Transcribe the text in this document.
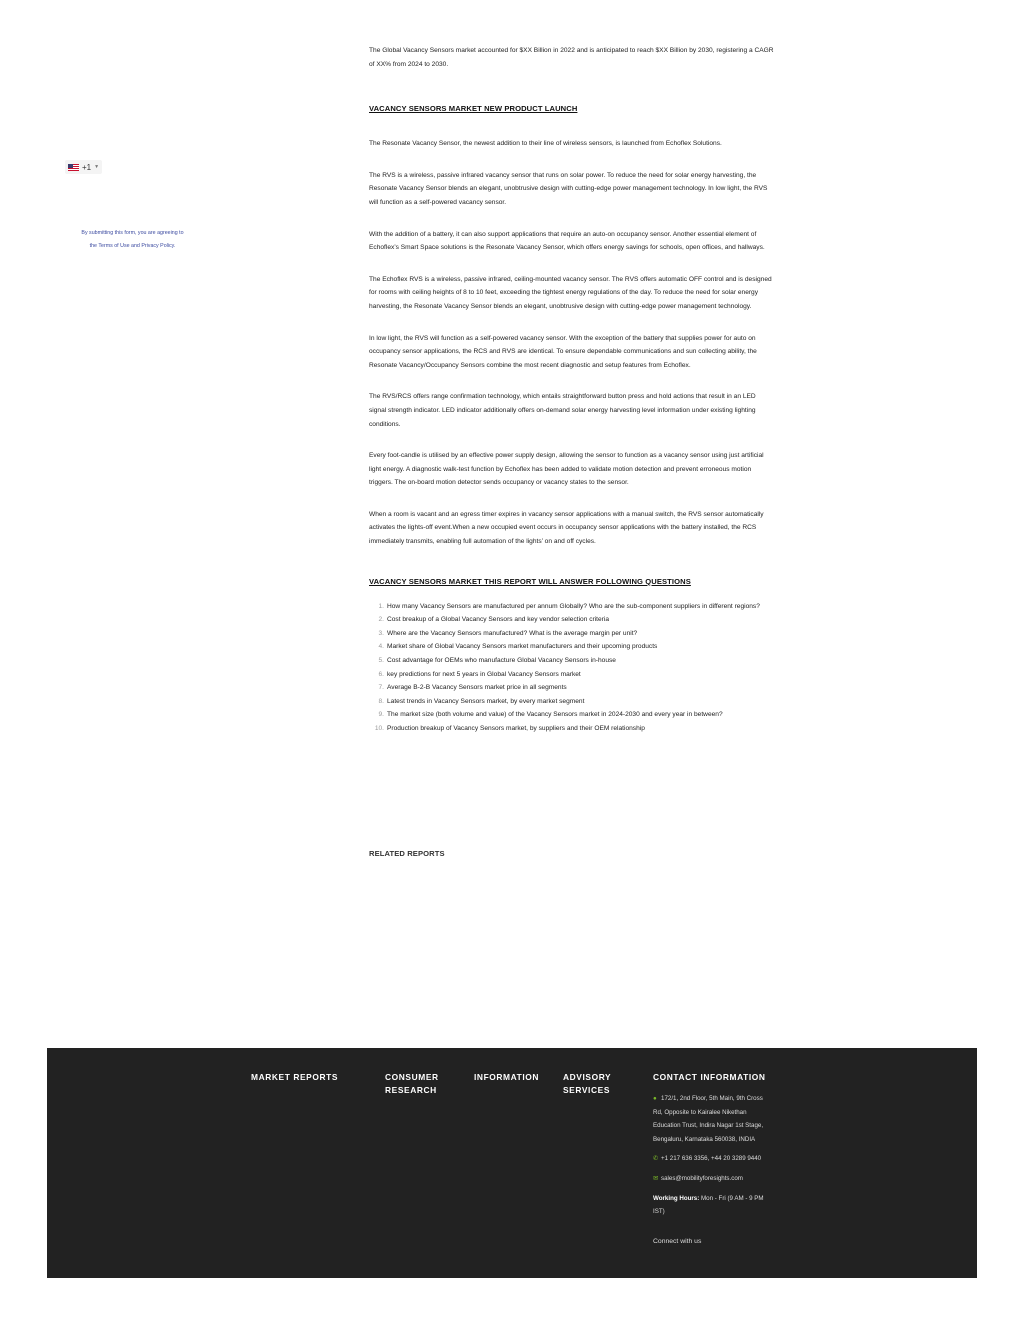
+1 ▼
By submitting this form, you are agreeing to
the Terms of Use and Privacy Policy.

The Global Vacancy Sensors market accounted for $XX Billion in 2022 and is anticipated to reach $XX Billion by 2030, registering a CAGR of XX% from 2024 to 2030.

VACANCY SENSORS MARKET NEW PRODUCT LAUNCH

The Resonate Vacancy Sensor, the newest addition to their line of wireless sensors, is launched from Echoflex Solutions.

The RVS is a wireless, passive infrared vacancy sensor that runs on solar power. To reduce the need for solar energy harvesting, the Resonate Vacancy Sensor blends an elegant, unobtrusive design with cutting-edge power management technology. In low light, the RVS will function as a self-powered vacancy sensor.

With the addition of a battery, it can also support applications that require an auto-on occupancy sensor. Another essential element of Echoflex’s Smart Space solutions is the Resonate Vacancy Sensor, which offers energy savings for schools, open offices, and hallways.

The Echoflex RVS is a wireless, passive infrared, ceiling-mounted vacancy sensor. The RVS offers automatic OFF control and is designed for rooms with ceiling heights of 8 to 10 feet, exceeding the tightest energy regulations of the day. To reduce the need for solar energy harvesting, the Resonate Vacancy Sensor blends an elegant, unobtrusive design with cutting-edge power management technology.

In low light, the RVS will function as a self-powered vacancy sensor. With the exception of the battery that supplies power for auto on occupancy sensor applications, the RCS and RVS are identical. To ensure dependable communications and sun collecting ability, the Resonate Vacancy/Occupancy Sensors combine the most recent diagnostic and setup features from Echoflex.

The RVS/RCS offers range confirmation technology, which entails straightforward button press and hold actions that result in an LED signal strength indicator. LED indicator additionally offers on-demand solar energy harvesting level information under existing lighting conditions.

Every foot-candle is utilised by an effective power supply design, allowing the sensor to function as a vacancy sensor using just artificial light energy. A diagnostic walk-test function by Echoflex has been added to validate motion detection and prevent erroneous motion triggers. The on-board motion detector sends occupancy or vacancy states to the sensor.

When a room is vacant and an egress timer expires in vacancy sensor applications with a manual switch, the RVS sensor automatically activates the lights-off event.When a new occupied event occurs in occupancy sensor applications with the battery installed, the RCS immediately transmits, enabling full automation of the lights’ on and off cycles.

VACANCY SENSORS MARKET THIS REPORT WILL ANSWER FOLLOWING QUESTIONS
1. How many Vacancy Sensors are manufactured per annum Globally? Who are the sub-component suppliers in different regions?
2. Cost breakup of a Global Vacancy Sensors and key vendor selection criteria
3. Where are the Vacancy Sensors manufactured? What is the average margin per unit?
4. Market share of Global Vacancy Sensors market manufacturers and their upcoming products
5. Cost advantage for OEMs who manufacture Global Vacancy Sensors in-house
6. key predictions for next 5 years in Global Vacancy Sensors market
7. Average B-2-B Vacancy Sensors market price in all segments
8. Latest trends in Vacancy Sensors market, by every market segment
9. The market size (both volume and value) of the Vacancy Sensors market in 2024-2030 and every year in between?
10. Production breakup of Vacancy Sensors market, by suppliers and their OEM relationship
RELATED REPORTS
MARKET REPORTS	CONSUMER
RESEARCH
INFORMATION	ADVISORY
SERVICES
CONTACT INFORMATION
● 172/1, 2nd Floor, 5th Main, 9th Cross
Rd, Opposite to Kairalee Nikethan
Education Trust, Indira Nagar 1st Stage,
Bengaluru, Karnataka 560038, INDIA
✆ +1 217 636 3356, +44 20 3289 9440
✉ sales@mobilityforesights.com
Working Hours: Mon - Fri (9 AM - 9 PM
IST)
Connect with us
